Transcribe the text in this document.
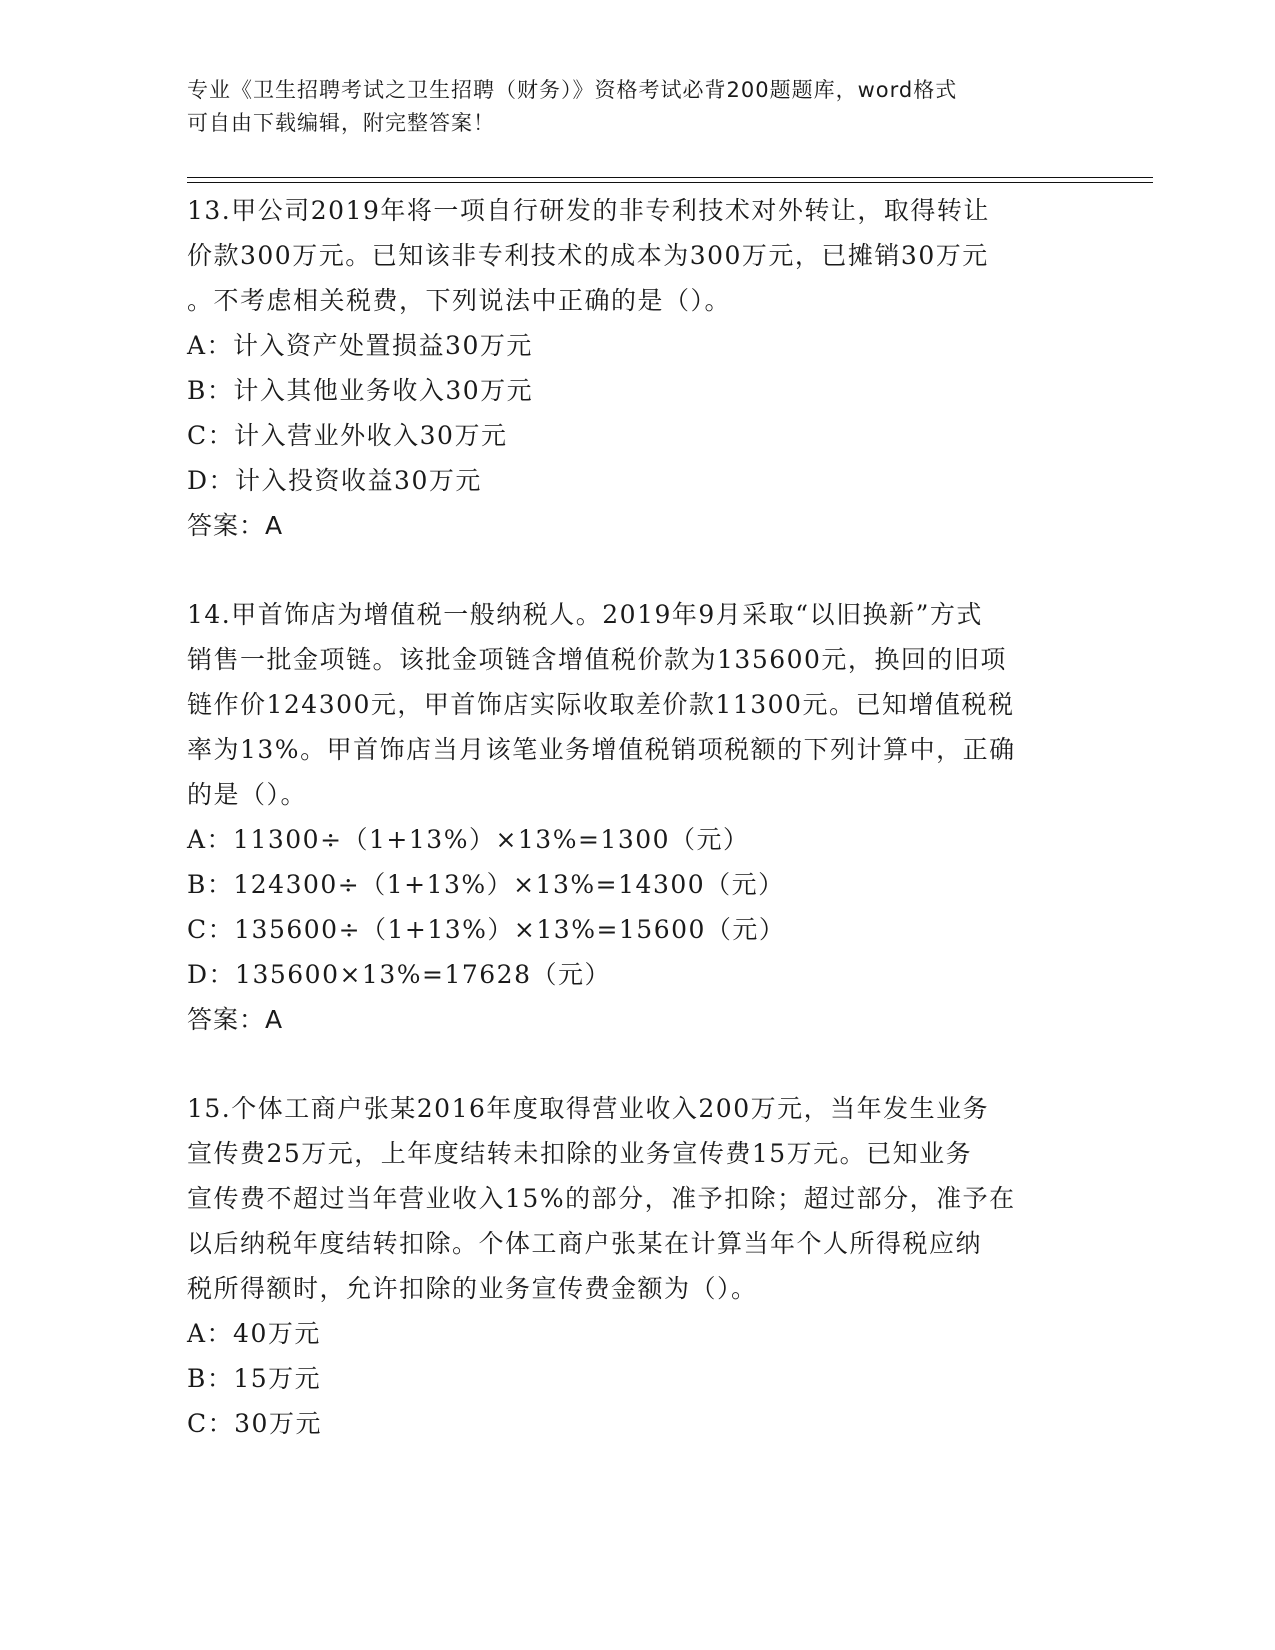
专业《卫生招聘考试之卫生招聘（财务）》资格考试必背200题题库，word格式
可自由下载编辑，附完整答案！

13.甲公司2019年将一项自行研发的非专利技术对外转让，取得转让

价款300万元。已知该非专利技术的成本为300万元，已摊销30万元

。不考虑相关税费，下列说法中正确的是（）。

A：计入资产处置损益30万元

B：计入其他业务收入30万元

C：计入营业外收入30万元

D：计入投资收益30万元

答案：A

14.甲首饰店为增值税一般纳税人。2019年9月采取“以旧换新”方式

销售一批金项链。该批金项链含增值税价款为135600元，换回的旧项

链作价124300元，甲首饰店实际收取差价款11300元。已知增值税税

率为13%。甲首饰店当月该笔业务增值税销项税额的下列计算中，正确

的是（）。

A：11300÷（1+13%）×13%=1300（元）

B：124300÷（1+13%）×13%=14300（元）

C：135600÷（1+13%）×13%=15600（元）

D：135600×13%=17628（元）

答案：A

15.个体工商户张某2016年度取得营业收入200万元，当年发生业务

宣传费25万元，上年度结转未扣除的业务宣传费15万元。已知业务

宣传费不超过当年营业收入15%的部分，准予扣除；超过部分，准予在

以后纳税年度结转扣除。个体工商户张某在计算当年个人所得税应纳

税所得额时，允许扣除的业务宣传费金额为（）。

A：40万元

B：15万元

C：30万元
